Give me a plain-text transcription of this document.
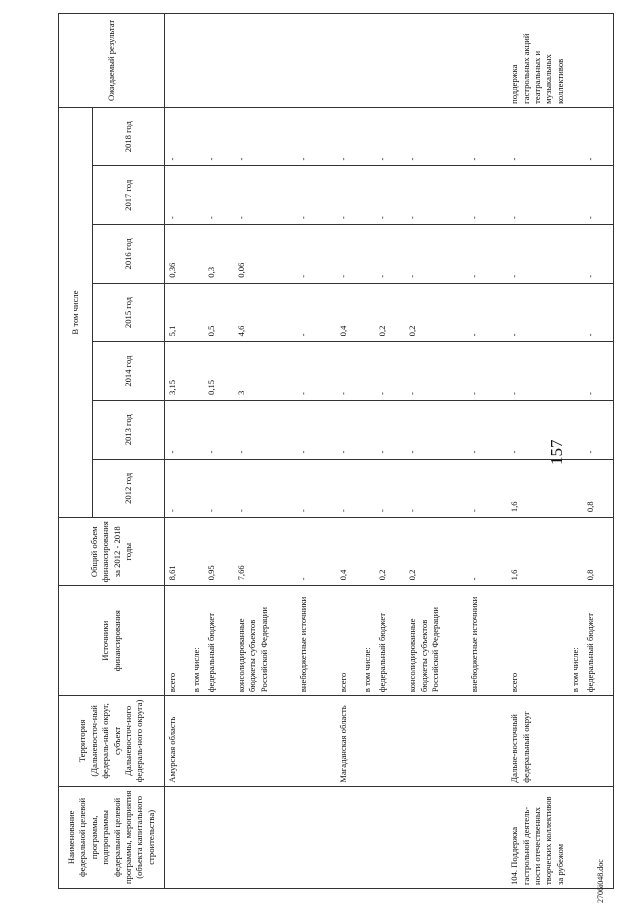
157
Наименование федеральной целевой программы, подпрограммы федеральной целевой программы, мероприятия (объекта капитального строительства)	Территория (Дальневосточ-ный федераль-ный округ, субъект Дальневосточ-ного федераль-ного округа)	Источники финансирования	Общий объем финансирования за 2012 - 2018 годы	В том числе							Ожидаемый результат
				2012 год	2013 год	2014 год	2015 год	2016 год	2017 год	2018 год	
	Амурская область	всего	8,61	-	-	3,15	5,1	0,36	-	-	
		в том числе:									
		федеральный бюджет	0,95	-	-	0,15	0,5	0,3	-	-	
		консолидированные бюджеты субъектов Российской Федерации	7,66	-	-	3	4,6	0,06	-	-	
		внебюджетные источники	-	-	-	-	-	-	-	-	
	Магаданская область	всего	0,4	-	-	-	0,4	-	-	-	
		в том числе:									
		федеральный бюджет	0,2	-	-	-	0,2	-	-	-	
		консолидированные бюджеты субъектов Российской Федерации	0,2	-	-	-	0,2	-	-	-	
		внебюджетные источники	-	-	-	-	-	-	-	-	
104. Поддержка гастрольной деятель-ности отечественных творческих коллективов за рубежом	Дальне-восточный федеральный округ	всего	1,6	1,6	-	-	-	-	-	-	поддержка гастрольных акций театральных и музыкальных коллективов
		в том числе:									
		федеральный бюджет	0,8	0,8	-	-	-	-	-	-	
2706i048.doc
